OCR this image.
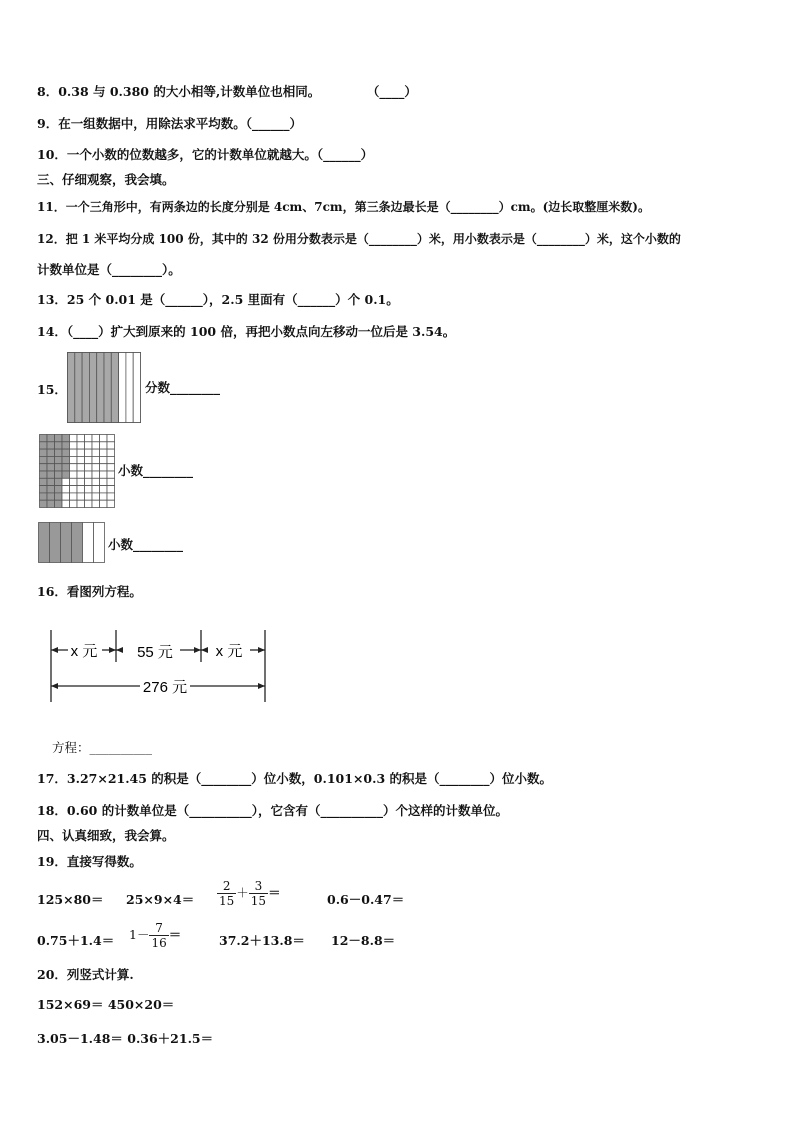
8．0.38 与 0.380 的大小相等,计数单位也相同。	（____）
9．在一组数据中，用除法求平均数。（______）
10．一个小数的位数越多，它的计数单位就越大。（______）
三、仔细观察，我会填。
11．一个三角形中，有两条边的长度分别是 4cm、7cm，第三条边最长是（________）cm。(边长取整厘米数)。
12．把 1 米平均分成 100 份，其中的 32 份用分数表示是（________）米，用小数表示是（________）米，这个小数的
计数单位是（________）。
13．25 个 0.01 是（______），2.5 里面有（______）个 0.1。
14．（____）扩大到原来的 100 倍，再把小数点向左移动一位后是 3.54。
15．	分数________
小数________
小数________
16．看图列方程。
x 元	55 元	x 元
276 元
方程：__________
17．3.27×21.45 的积是（________）位小数，0.101×0.3 的积是（________）位小数。
18．0.60 的计数单位是（__________），它含有（__________）个这样的计数单位。
四、认真细致，我会算。
19．直接写得数。
$125\times 80= 25\times 9\times 4= \frac{2}{15} + \frac{3}{15}$ ＝	0.6－0.47＝
$0.75+1.4= 1- \frac{7}{16}$ ＝	37.2＋13.8＝ 12－8.8＝
20．列竖式计算.
152×69＝ 450×20＝
3.05－1.48＝ 0.36＋21.5＝
